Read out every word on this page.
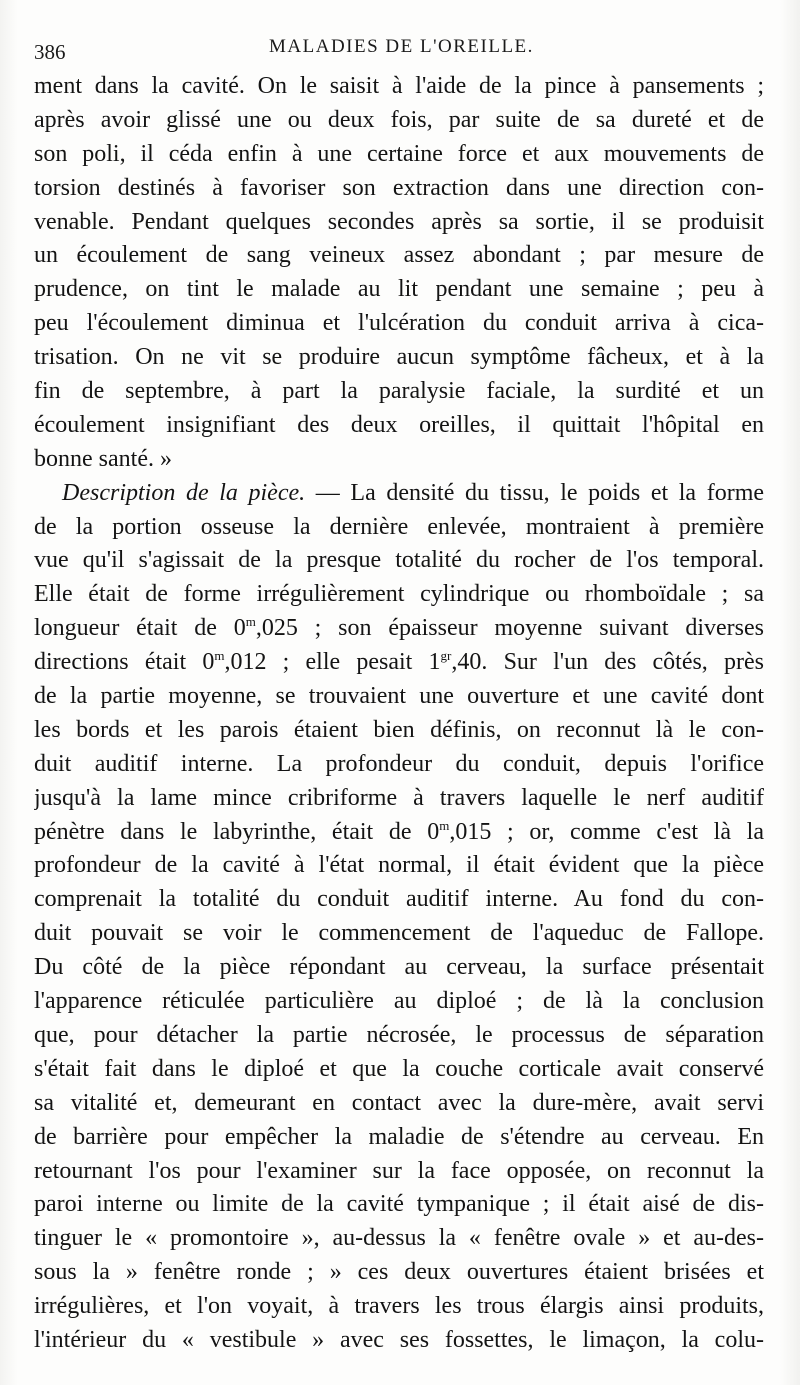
386	MALADIES DE L'OREILLE.
ment dans la cavité. On le saisit à l'aide de la pince à pansements ;
après avoir glissé une ou deux fois, par suite de sa dureté et de
son poli, il céda enfin à une certaine force et aux mouvements de
torsion destinés à favoriser son extraction dans une direction con-
venable. Pendant quelques secondes après sa sortie, il se produisit
un écoulement de sang veineux assez abondant ; par mesure de
prudence, on tint le malade au lit pendant une semaine ; peu à
peu l'écoulement diminua et l'ulcération du conduit arriva à cica-
trisation. On ne vit se produire aucun symptôme fâcheux, et à la
fin de septembre, à part la paralysie faciale, la surdité et un
écoulement insignifiant des deux oreilles, il quittait l'hôpital en
bonne santé. »
Description de la pièce. — La densité du tissu, le poids et la forme
de la portion osseuse la dernière enlevée, montraient à première
vue qu'il s'agissait de la presque totalité du rocher de l'os temporal.
Elle était de forme irrégulièrement cylindrique ou rhomboïdale ; sa
longueur était de 0$^m$,025 ; son épaisseur moyenne suivant diverses
directions était 0$^m$,012 ; elle pesait $1^{gr},40$. Sur l'un des côtés, près
de la partie moyenne, se trouvaient une ouverture et une cavité dont
les bords et les parois étaient bien définis, on reconnut là le con-
duit auditif interne. La profondeur du conduit, depuis l'orifice
jusqu'à la lame mince cribriforme à travers laquelle le nerf auditif
pénètre dans le labyrinthe, était de 0$^m$,015 ; or, comme c'est là la
profondeur de la cavité à l'état normal, il était évident que la pièce
comprenait la totalité du conduit auditif interne. Au fond du con-
duit pouvait se voir le commencement de l'aqueduc de Fallope.
Du côté de la pièce répondant au cerveau, la surface présentait
l'apparence réticulée particulière au diploé ; de là la conclusion
que, pour détacher la partie nécrosée, le processus de séparation
s'était fait dans le diploé et que la couche corticale avait conservé
sa vitalité et, demeurant en contact avec la dure-mère, avait servi
de barrière pour empêcher la maladie de s'étendre au cerveau. En
retournant l'os pour l'examiner sur la face opposée, on reconnut la
paroi interne ou limite de la cavité tympanique ; il était aisé de dis-
tinguer le « promontoire », au-dessus la « fenêtre ovale » et au-des-
sous la » fenêtre ronde ; » ces deux ouvertures étaient brisées et
irrégulières, et l'on voyait, à travers les trous élargis ainsi produits,
l'intérieur du « vestibule » avec ses fossettes, le limaçon, la colu-
